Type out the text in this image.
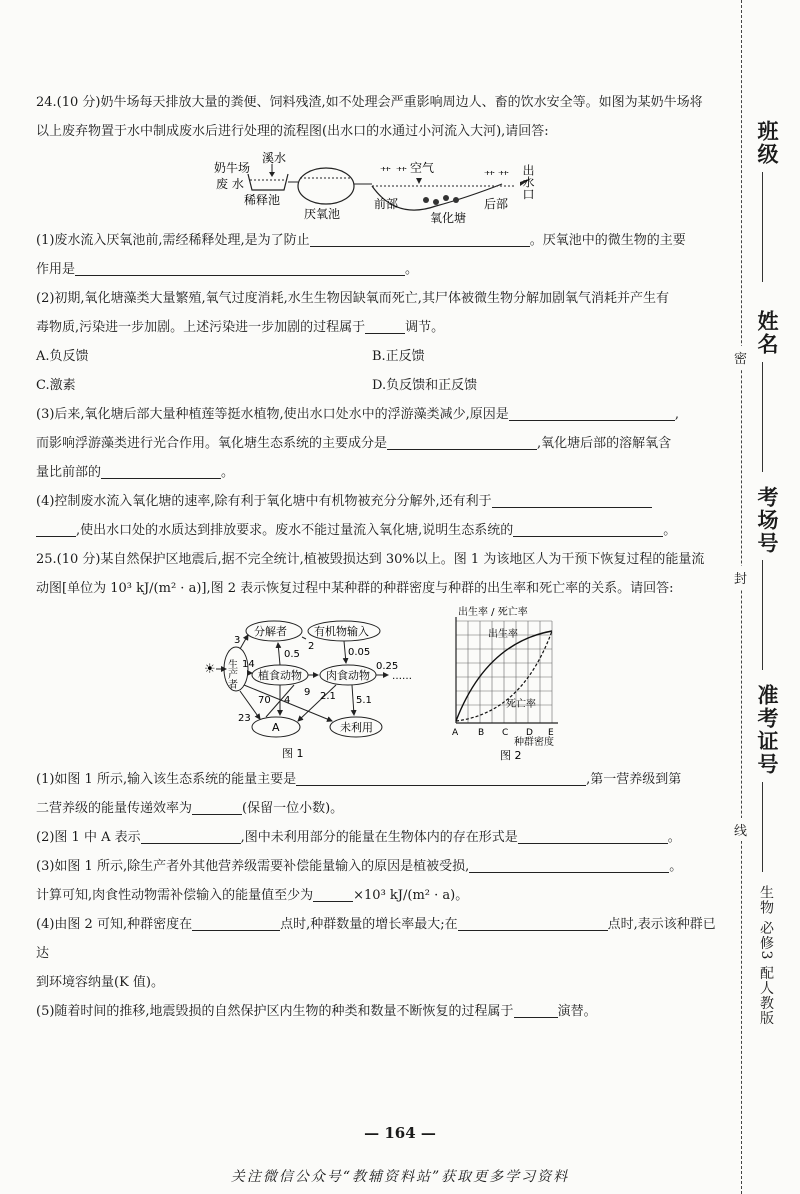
24.(10 分)奶牛场每天排放大量的粪便、饲料残渣,如不处理会严重影响周边人、畜的饮水安全等。如图为某奶牛场将

以上废弃物置于水中制成废水后进行处理的流程图(出水口的水通过小河流入大河),请回答:

奶牛场
废 水
溪水
稀释池
厌氧池
空气
⺿ ⺿	⺿ ⺿
前部
氧化塘
后部
出水口

(1)废水流入厌氧池前,需经稀释处理,是为了防止	。厌氧池中的微生物的主要

作用是	。

(2)初期,氧化塘藻类大量繁殖,氧气过度消耗,水生生物因缺氧而死亡,其尸体被微生物分解加剧氧气消耗并产生有

毒物质,污染进一步加剧。上述污染进一步加剧的过程属于	调节。

A.负反馈	B.正反馈
C.激素	D.负反馈和正反馈

(3)后来,氧化塘后部大量种植莲等挺水植物,使出水口处水中的浮游藻类减少,原因是	,

而影响浮游藻类进行光合作用。氧化塘生态系统的主要成分是	,氧化塘后部的溶解氧含

量比前部的	。

(4)控制废水流入氧化塘的速率,除有利于氧化塘中有机物被充分分解外,还有利于

,使出水口处的水质达到排放要求。废水不能过量流入氧化塘,说明生态系统的	。

25.(10 分)某自然保护区地震后,据不完全统计,植被毁损达到 30%以上。图 1 为该地区人为干预下恢复过程的能量流

动图[单位为 10³ kJ/(m² · a)],图 2 表示恢复过程中某种群的种群密度与种群的出生率和死亡率的关系。请回答:

☀ 生产者
分解者 有机物输入
植食动物 肉食动物
A	未利用
3
14
70
23
4
0.5
2
0.05
9 2.1 5.1
0.25
……
图 1
出生率 / 死亡率
出生率
死亡率
A B C D E
种群密度
图 2

(1)如图 1 所示,输入该生态系统的能量主要是	,第一营养级到第

二营养级的能量传递效率为	(保留一位小数)。

(2)图 1 中 A 表示	,图中未利用部分的能量在生物体内的存在形式是	。

(3)如图 1 所示,除生产者外其他营养级需要补偿能量输入的原因是植被受损,	。

计算可知,肉食性动物需补偿输入的能量值至少为	×10³ kJ/(m² · a)。

(4)由图 2 可知,种群密度在	点时,种群数量的增长率最大;在	点时,表示该种群已达

到环境容纳量(K 值)。

(5)随着时间的推移,地震毁损的自然保护区内生物的种类和数量不断恢复的过程属于	演替。

密
封
线
班级
姓名
考场号
准考证号
生物 必修3 配人教版
— 164 —
关注微信公众号“教辅资料站”获取更多学习资料
